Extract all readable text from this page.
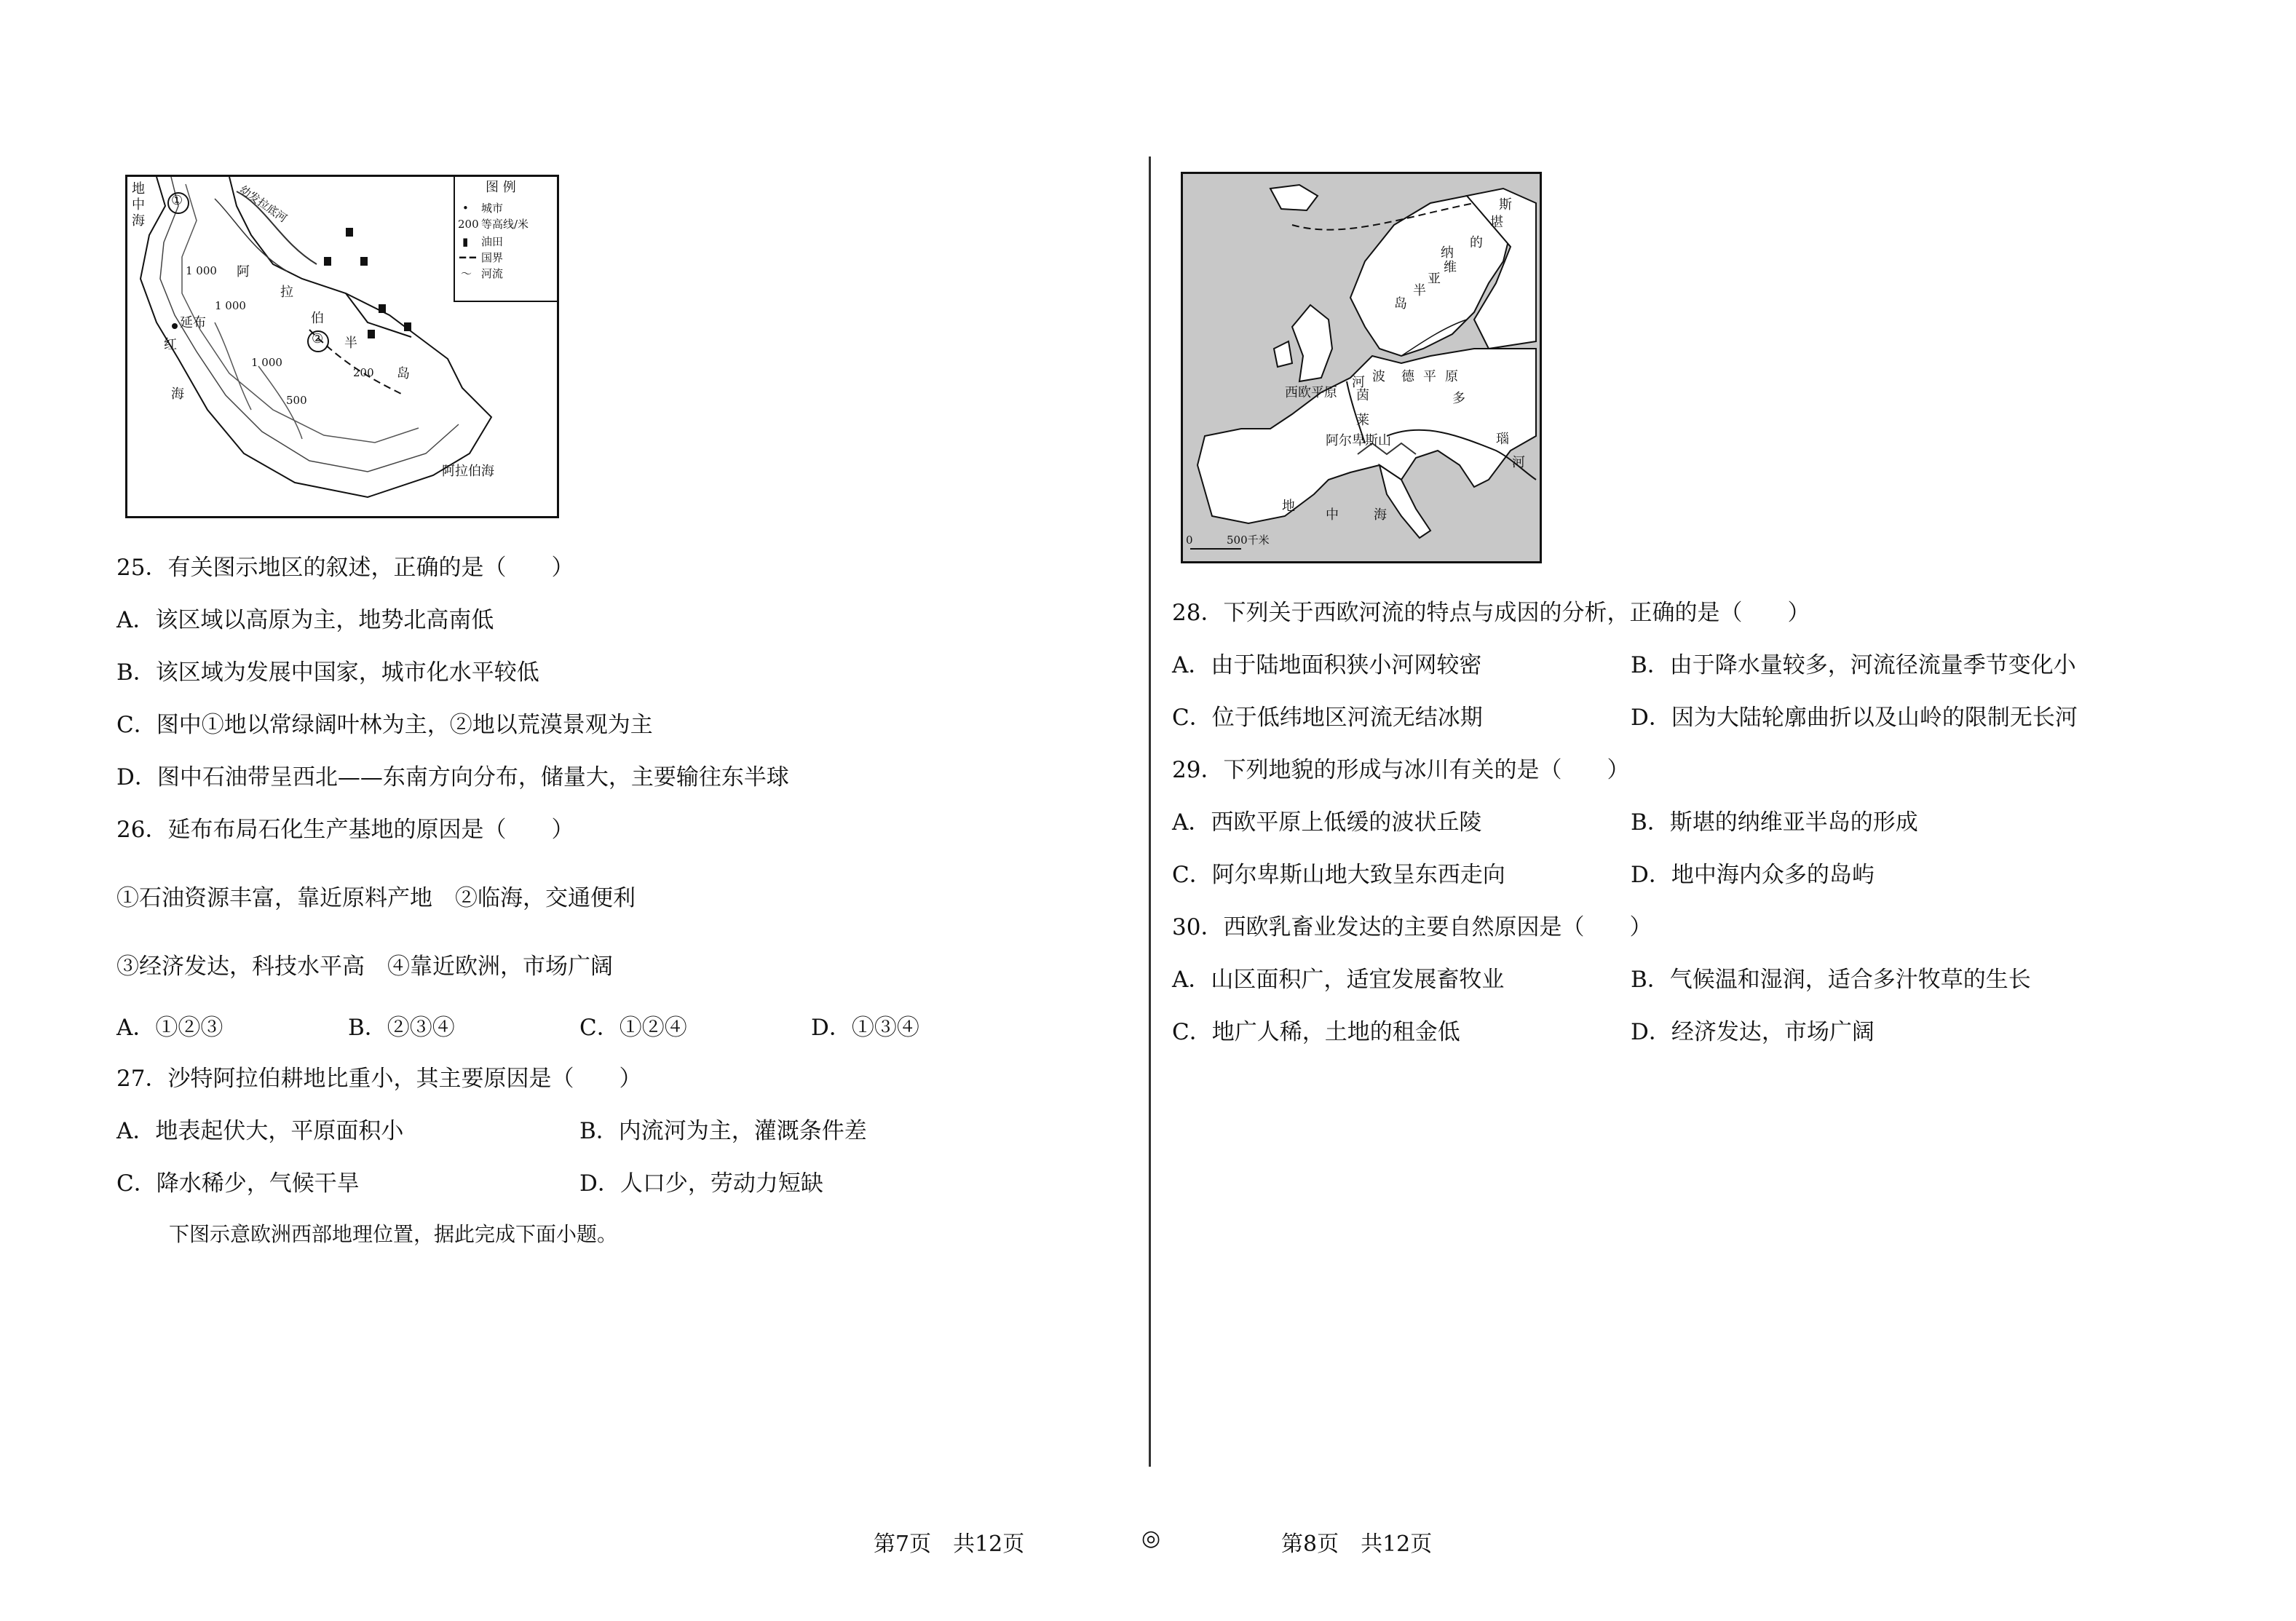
地中海
①
②
延布
红
海
阿
拉
伯
半
岛
阿拉伯海
1 000
1 000
1 000
500
200
幼发拉底河	图 例
• 城市
200 等高线/米
▮ 油田
━ ━ 国界
〜 河流

25．有关图示地区的叙述，正确的是（　　）

A．该区域以高原为主，地势北高南低

B．该区域为发展中国家，城市化水平较低

C．图中①地以常绿阔叶林为主，②地以荒漠景观为主

D．图中石油带呈西北——东南方向分布，储量大，主要输往东半球

26．延布布局石化生产基地的原因是（　　）

①石油资源丰富，靠近原料产地　②临海，交通便利

③经济发达，科技水平高　④靠近欧洲，市场广阔

A．①②③	B．②③④	C．①②④	D．①③④

27．沙特阿拉伯耕地比重小，其主要原因是（　　）

A．地表起伏大，平原面积小	B．内流河为主，灌溉条件差
C．降水稀少，气候干旱	D．人口少，劳动力短缺

下图示意欧洲西部地理位置，据此完成下面小题。

斯
堪
的
纳
维
亚
半
岛
西欧平原
河 波 德 平 原
莱
茵	多
瑙
河
阿尔卑斯山
地
中	海
0	500千米

28．下列关于西欧河流的特点与成因的分析，正确的是（　　）

A．由于陆地面积狭小河网较密	B．由于降水量较多，河流径流量季节变化小
C．位于低纬地区河流无结冰期	D．因为大陆轮廓曲折以及山岭的限制无长河

29．下列地貌的形成与冰川有关的是（　　）

A．西欧平原上低缓的波状丘陵	B．斯堪的纳维亚半岛的形成
C．阿尔卑斯山地大致呈东西走向	D．地中海内众多的岛屿

30．西欧乳畜业发达的主要自然原因是（　　）

A．山区面积广，适宜发展畜牧业	B．气候温和湿润，适合多汁牧草的生长
C．地广人稀，土地的租金低	D．经济发达，市场广阔
第7页　共12页	◎	第8页　共12页
